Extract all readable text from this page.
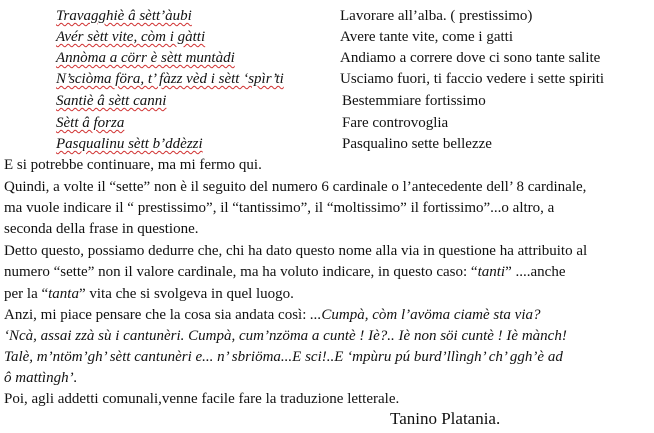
Travagghiè â sètt’àubi	Lavorare all’alba. ( prestissimo)
Avér sètt vite, còm i gàtti	Avere tante vite, come i gatti
Annòma a cörr è sètt muntàdi	Andiamo a correre dove ci sono tante salite
N’sciòma föra, t’ fàzz vèd i sètt ‘spìr’ti	Usciamo fuori, ti faccio vedere i sette spiriti
Santiè â sètt canni	Bestemmiare fortissimo
Sètt â forza	Fare controvoglia
Pasqualinu sètt b’ddèzzi	Pasqualino sette bellezze
E si potrebbe continuare, ma mi fermo qui.
Quindi, a volte il “sette” non è il seguito del numero 6 cardinale o l’antecedente dell’ 8 cardinale,
ma vuole indicare il “ prestissimo”, il “tantissimo”, il “moltissimo” il fortissimo”...o altro, a
seconda della frase in questione.
Detto questo, possiamo dedurre che, chi ha dato questo nome alla via in questione ha attribuito al
numero “sette” non il valore cardinale, ma ha voluto indicare, in questo caso: “tanti” ....anche
per la “tanta” vita che si svolgeva in quel luogo.
Anzi, mi piace pensare che la cosa sia andata così: ...Cumpà, còm l’avöma ciamè sta via?
‘Ncà, assai zzà sù i cantunèri. Cumpà, cum’nzöma a cuntè ! Iè?.. Iè non söi cuntè ! Iè mànch!
Talè, m’ntöm’gh’ sètt cantunèri e... n’ sbriöma...E sci!..E ‘mpùru pú burd’llìngh’ ch’ ggh’è ad
ô mattìngh’.
Poi, agli addetti comunali,venne facile fare la traduzione letterale.
Tanino Platania.
